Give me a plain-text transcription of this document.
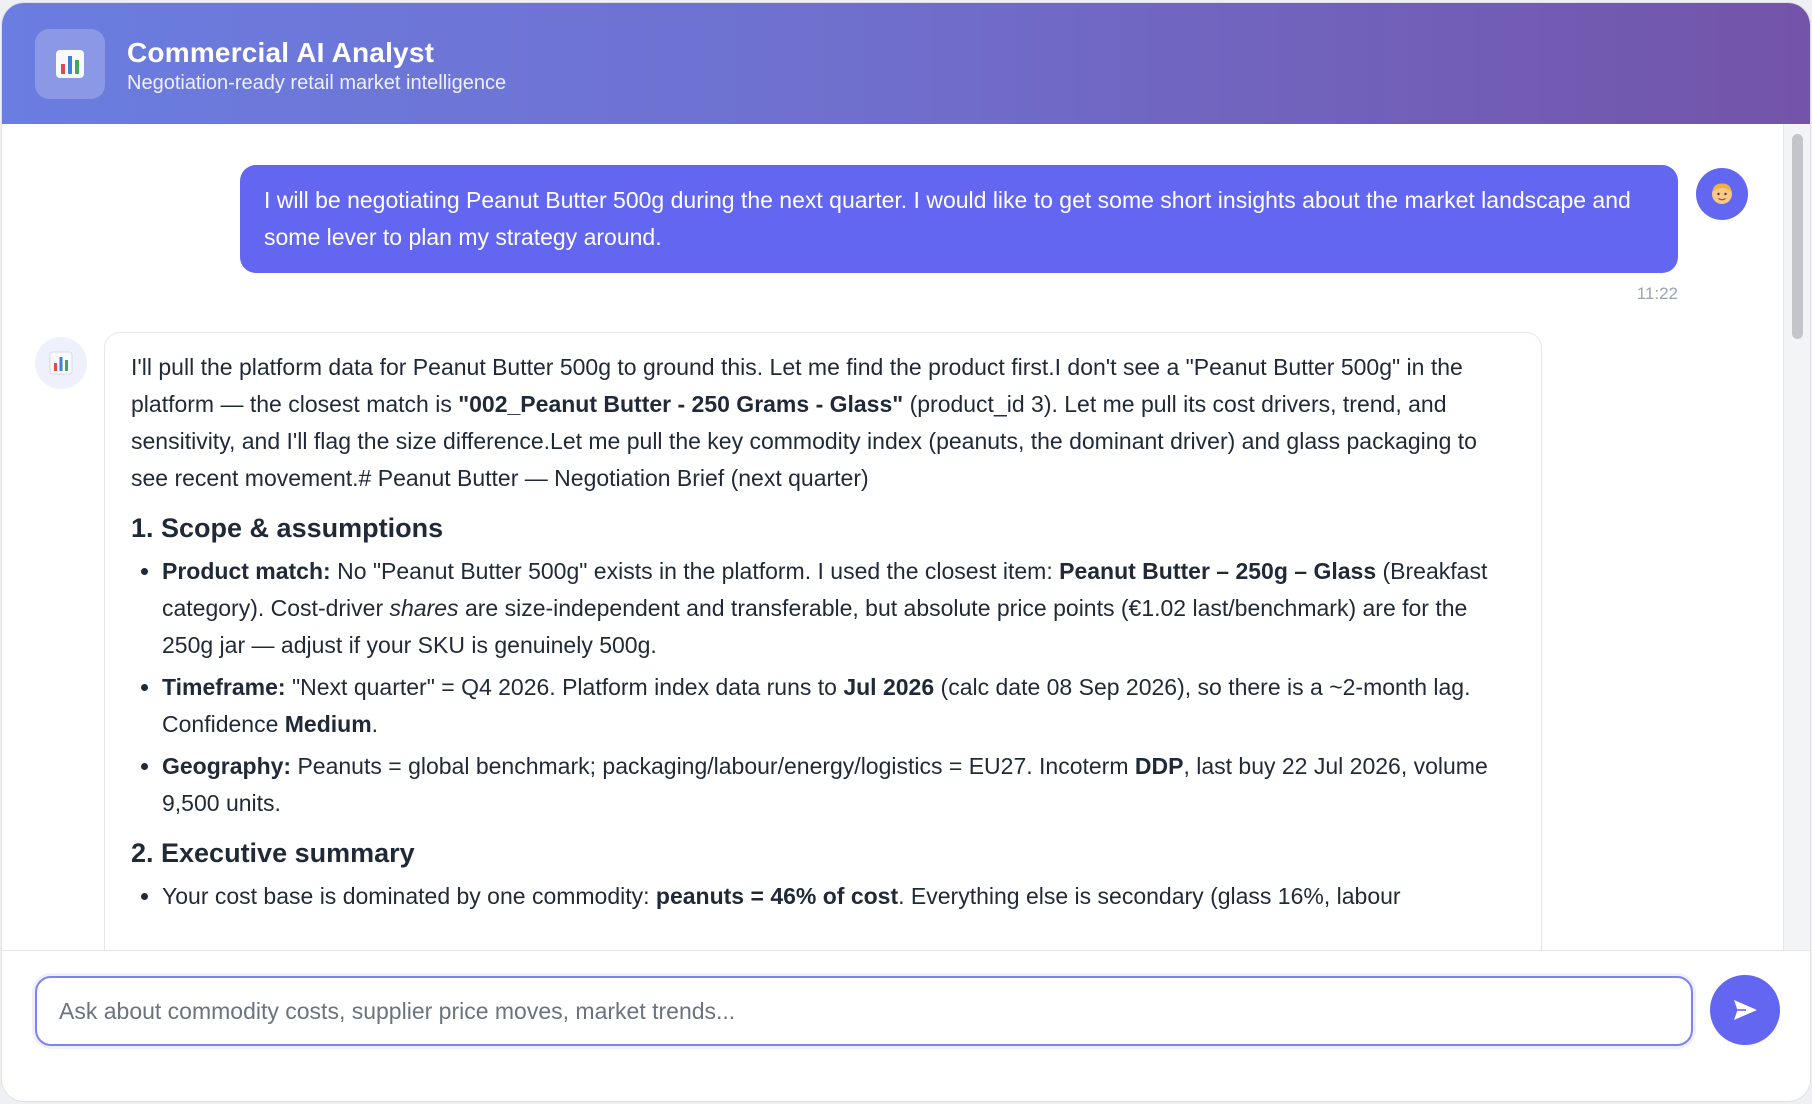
Commercial AI Analyst

Negotiation-ready retail market intelligence

I will be negotiating Peanut Butter 500g during the next quarter. I would like to get some short insights about the market landscape and some lever to plan my strategy around.
11:22

I'll pull the platform data for Peanut Butter 500g to ground this. Let me find the product first.I don't see a "Peanut Butter 500g" in the platform — the closest match is "002_Peanut Butter - 250 Grams - Glass" (product_id 3). Let me pull its cost drivers, trend, and sensitivity, and I'll flag the size difference.Let me pull the key commodity index (peanuts, the dominant driver) and glass packaging to see recent movement.# Peanut Butter — Negotiation Brief (next quarter)

1. Scope & assumptions
• Product match: No "Peanut Butter 500g" exists in the platform. I used the closest item: Peanut Butter – 250g – Glass (Breakfast category). Cost-driver shares are size-independent and transferable, but absolute price points (€1.02 last/benchmark) are for the 250g jar — adjust if your SKU is genuinely 500g.
• Timeframe: "Next quarter" = Q4 2026. Platform index data runs to Jul 2026 (calc date 08 Sep 2026), so there is a ~2-month lag. Confidence Medium.
• Geography: Peanuts = global benchmark; packaging/labour/energy/logistics = EU27. Incoterm DDP, last buy 22 Jul 2026, volume 9,500 units.
2. Executive summary
• Your cost base is dominated by one commodity: peanuts = 46% of cost. Everything else is secondary (glass 16%, labour
Ask about commodity costs, supplier price moves, market trends...
